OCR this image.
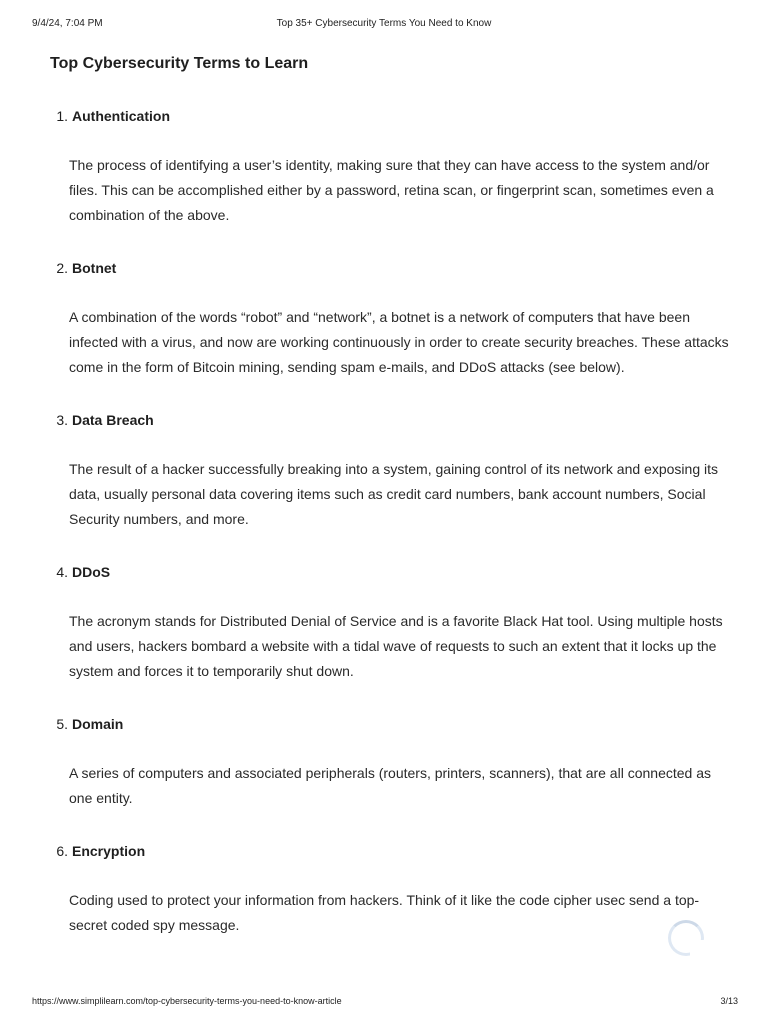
9/4/24, 7:04 PM	Top 35+ Cybersecurity Terms You Need to Know
Top Cybersecurity Terms to Learn
1. Authentication

The process of identifying a user’s identity, making sure that they can have access to the system and/or files. This can be accomplished either by a password, retina scan, or fingerprint scan, sometimes even a combination of the above.

2. Botnet

A combination of the words “robot” and “network”, a botnet is a network of computers that have been infected with a virus, and now are working continuously in order to create security breaches. These attacks come in the form of Bitcoin mining, sending spam e-mails, and DDoS attacks (see below).

3. Data Breach

The result of a hacker successfully breaking into a system, gaining control of its network and exposing its data, usually personal data covering items such as credit card numbers, bank account numbers, Social Security numbers, and more.

4. DDoS

The acronym stands for Distributed Denial of Service and is a favorite Black Hat tool. Using multiple hosts and users, hackers bombard a website with a tidal wave of requests to such an extent that it locks up the system and forces it to temporarily shut down.

5. Domain

A series of computers and associated peripherals (routers, printers, scanners), that are all connected as one entity.

6. Encryption

Coding used to protect your information from hackers. Think of it like the code cipher usec send a top-secret coded spy message.

https://www.simplilearn.com/top-cybersecurity-terms-you-need-to-know-article	3/13
